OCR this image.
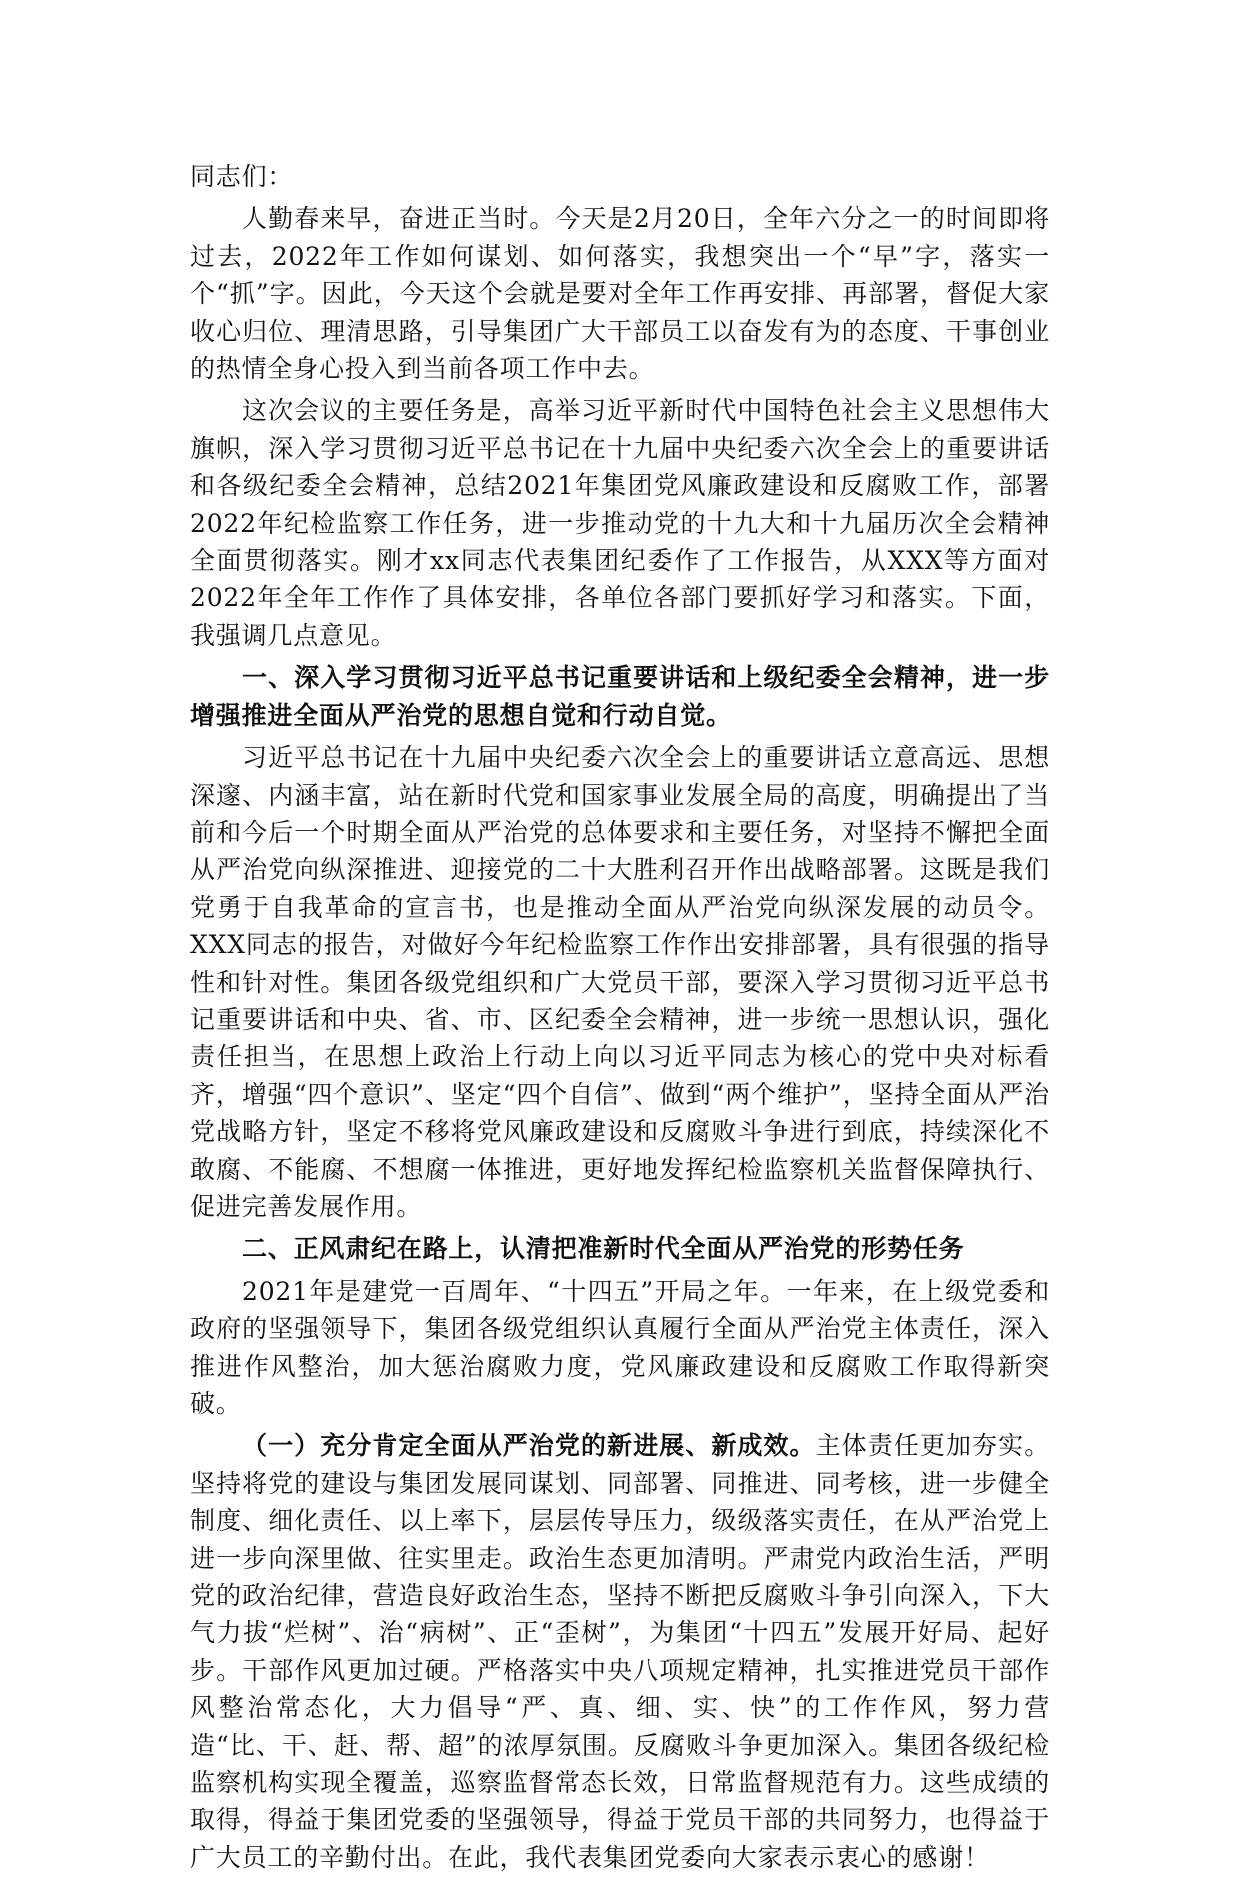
同志们：

人勤春来早，奋进正当时。今天是2月20日，全年六分之一的时间即将过去，2022年工作如何谋划、如何落实，我想突出一个“早”字，落实一个“抓”字。因此，今天这个会就是要对全年工作再安排、再部署，督促大家收心归位、理清思路，引导集团广大干部员工以奋发有为的态度、干事创业的热情全身心投入到当前各项工作中去。

这次会议的主要任务是，高举习近平新时代中国特色社会主义思想伟大旗帜，深入学习贯彻习近平总书记在十九届中央纪委六次全会上的重要讲话和各级纪委全会精神，总结2021年集团党风廉政建设和反腐败工作，部署2022年纪检监察工作任务，进一步推动党的十九大和十九届历次全会精神全面贯彻落实。刚才xx同志代表集团纪委作了工作报告，从XXX等方面对2022年全年工作作了具体安排，各单位各部门要抓好学习和落实。下面，我强调几点意见。

一、深入学习贯彻习近平总书记重要讲话和上级纪委全会精神，进一步增强推进全面从严治党的思想自觉和行动自觉。

习近平总书记在十九届中央纪委六次全会上的重要讲话立意高远、思想深邃、内涵丰富，站在新时代党和国家事业发展全局的高度，明确提出了当前和今后一个时期全面从严治党的总体要求和主要任务，对坚持不懈把全面从严治党向纵深推进、迎接党的二十大胜利召开作出战略部署。这既是我们党勇于自我革命的宣言书，也是推动全面从严治党向纵深发展的动员令。XXX同志的报告，对做好今年纪检监察工作作出安排部署，具有很强的指导性和针对性。集团各级党组织和广大党员干部，要深入学习贯彻习近平总书记重要讲话和中央、省、市、区纪委全会精神，进一步统一思想认识，强化责任担当，在思想上政治上行动上向以习近平同志为核心的党中央对标看齐，增强“四个意识”、坚定“四个自信”、做到“两个维护”，坚持全面从严治党战略方针，坚定不移将党风廉政建设和反腐败斗争进行到底，持续深化不敢腐、不能腐、不想腐一体推进，更好地发挥纪检监察机关监督保障执行、促进完善发展作用。

二、正风肃纪在路上，认清把准新时代全面从严治党的形势任务

2021年是建党一百周年、“十四五”开局之年。一年来，在上级党委和政府的坚强领导下，集团各级党组织认真履行全面从严治党主体责任，深入推进作风整治，加大惩治腐败力度，党风廉政建设和反腐败工作取得新突破。

（一）充分肯定全面从严治党的新进展、新成效。主体责任更加夯实。坚持将党的建设与集团发展同谋划、同部署、同推进、同考核，进一步健全制度、细化责任、以上率下，层层传导压力，级级落实责任，在从严治党上进一步向深里做、往实里走。政治生态更加清明。严肃党内政治生活，严明党的政治纪律，营造良好政治生态，坚持不断把反腐败斗争引向深入，下大气力拔“烂树”、治“病树”、正“歪树”，为集团“十四五”发展开好局、起好步。干部作风更加过硬。严格落实中央八项规定精神，扎实推进党员干部作风整治常态化，大力倡导“严、真、细、实、快”的工作作风，努力营造“比、干、赶、帮、超”的浓厚氛围。反腐败斗争更加深入。集团各级纪检监察机构实现全覆盖，巡察监督常态长效，日常监督规范有力。这些成绩的取得，得益于集团党委的坚强领导，得益于党员干部的共同努力，也得益于广大员工的辛勤付出。在此，我代表集团党委向大家表示衷心的感谢！
